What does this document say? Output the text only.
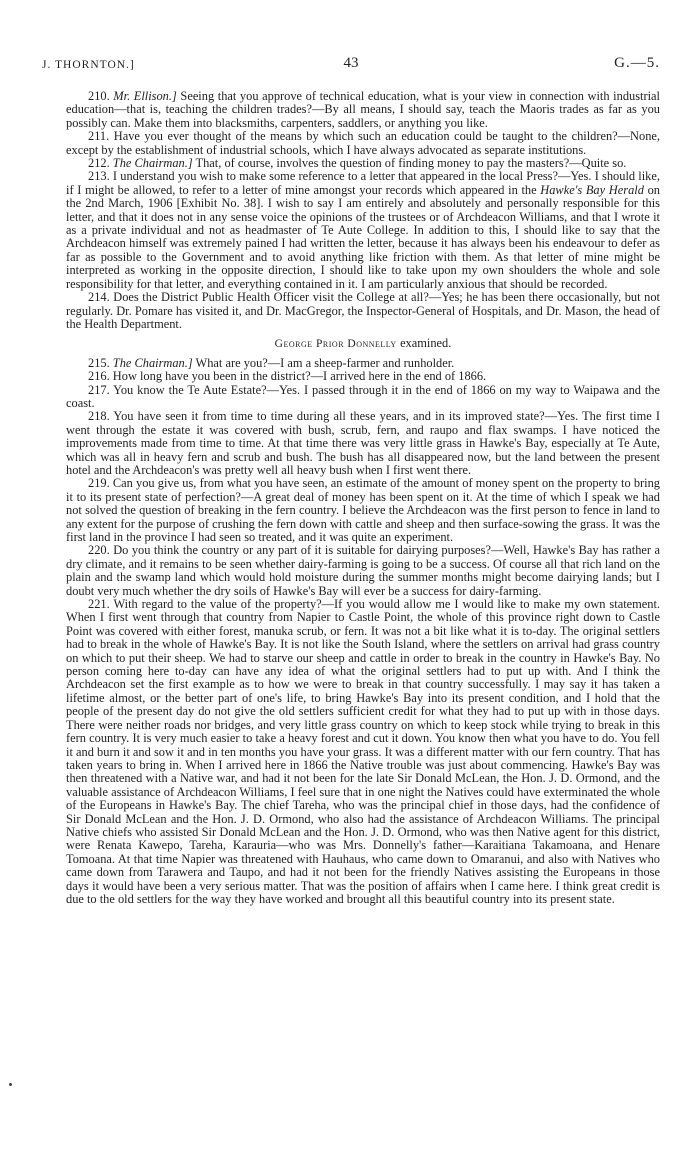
J. THORNTON.]	43	G.—5.

210. Mr. Ellison.] Seeing that you approve of technical education, what is your view in connection with industrial education—that is, teaching the children trades?—By all means, I should say, teach the Maoris trades as far as you possibly can. Make them into blacksmiths, carpenters, saddlers, or anything you like.

211. Have you ever thought of the means by which such an education could be taught to the children?—None, except by the establishment of industrial schools, which I have always advocated as separate institutions.

212. The Chairman.] That, of course, involves the question of finding money to pay the masters?—Quite so.

213. I understand you wish to make some reference to a letter that appeared in the local Press?—Yes. I should like, if I might be allowed, to refer to a letter of mine amongst your records which appeared in the Hawke's Bay Herald on the 2nd March, 1906 [Exhibit No. 38]. I wish to say I am entirely and absolutely and personally responsible for this letter, and that it does not in any sense voice the opinions of the trustees or of Archdeacon Williams, and that I wrote it as a private individual and not as headmaster of Te Aute College. In addition to this, I should like to say that the Archdeacon himself was extremely pained I had written the letter, because it has always been his endeavour to defer as far as possible to the Government and to avoid anything like friction with them. As that letter of mine might be interpreted as working in the opposite direction, I should like to take upon my own shoulders the whole and sole responsibility for that letter, and everything contained in it. I am particularly anxious that should be recorded.

214. Does the District Public Health Officer visit the College at all?—Yes; he has been there occasionally, but not regularly. Dr. Pomare has visited it, and Dr. MacGregor, the Inspector-General of Hospitals, and Dr. Mason, the head of the Health Department.

George Prior Donnelly examined.

215. The Chairman.] What are you?—I am a sheep-farmer and runholder.

216. How long have you been in the district?—I arrived here in the end of 1866.

217. You know the Te Aute Estate?—Yes. I passed through it in the end of 1866 on my way to Waipawa and the coast.

218. You have seen it from time to time during all these years, and in its improved state?—Yes. The first time I went through the estate it was covered with bush, scrub, fern, and raupo and flax swamps. I have noticed the improvements made from time to time. At that time there was very little grass in Hawke's Bay, especially at Te Aute, which was all in heavy fern and scrub and bush. The bush has all disappeared now, but the land between the present hotel and the Archdeacon's was pretty well all heavy bush when I first went there.

219. Can you give us, from what you have seen, an estimate of the amount of money spent on the property to bring it to its present state of perfection?—A great deal of money has been spent on it. At the time of which I speak we had not solved the question of breaking in the fern country. I believe the Archdeacon was the first person to fence in land to any extent for the purpose of crushing the fern down with cattle and sheep and then surface-sowing the grass. It was the first land in the province I had seen so treated, and it was quite an experiment.

220. Do you think the country or any part of it is suitable for dairying purposes?—Well, Hawke's Bay has rather a dry climate, and it remains to be seen whether dairy-farming is going to be a success. Of course all that rich land on the plain and the swamp land which would hold moisture during the summer months might become dairying lands; but I doubt very much whether the dry soils of Hawke's Bay will ever be a success for dairy-farming.

221. With regard to the value of the property?—If you would allow me I would like to make my own statement. When I first went through that country from Napier to Castle Point, the whole of this province right down to Castle Point was covered with either forest, manuka scrub, or fern. It was not a bit like what it is to-day. The original settlers had to break in the whole of Hawke's Bay. It is not like the South Island, where the settlers on arrival had grass country on which to put their sheep. We had to starve our sheep and cattle in order to break in the country in Hawke's Bay. No person coming here to-day can have any idea of what the original settlers had to put up with. And I think the Archdeacon set the first example as to how we were to break in that country successfully. I may say it has taken a lifetime almost, or the better part of one's life, to bring Hawke's Bay into its present condition, and I hold that the people of the present day do not give the old settlers sufficient credit for what they had to put up with in those days. There were neither roads nor bridges, and very little grass country on which to keep stock while trying to break in this fern country. It is very much easier to take a heavy forest and cut it down. You know then what you have to do. You fell it and burn it and sow it and in ten months you have your grass. It was a different matter with our fern country. That has taken years to bring in. When I arrived here in 1866 the Native trouble was just about commencing. Hawke's Bay was then threatened with a Native war, and had it not been for the late Sir Donald McLean, the Hon. J. D. Ormond, and the valuable assistance of Archdeacon Williams, I feel sure that in one night the Natives could have exterminated the whole of the Europeans in Hawke's Bay. The chief Tareha, who was the principal chief in those days, had the confidence of Sir Donald McLean and the Hon. J. D. Ormond, who also had the assistance of Archdeacon Williams. The principal Native chiefs who assisted Sir Donald McLean and the Hon. J. D. Ormond, who was then Native agent for this district, were Renata Kawepo, Tareha, Karauria—who was Mrs. Donnelly's father—Karaitiana Takamoana, and Henare Tomoana. At that time Napier was threatened with Hauhaus, who came down to Omaranui, and also with Natives who came down from Tarawera and Taupo, and had it not been for the friendly Natives assisting the Europeans in those days it would have been a very serious matter. That was the position of affairs when I came here. I think great credit is due to the old settlers for the way they have worked and brought all this beautiful country into its present state.
